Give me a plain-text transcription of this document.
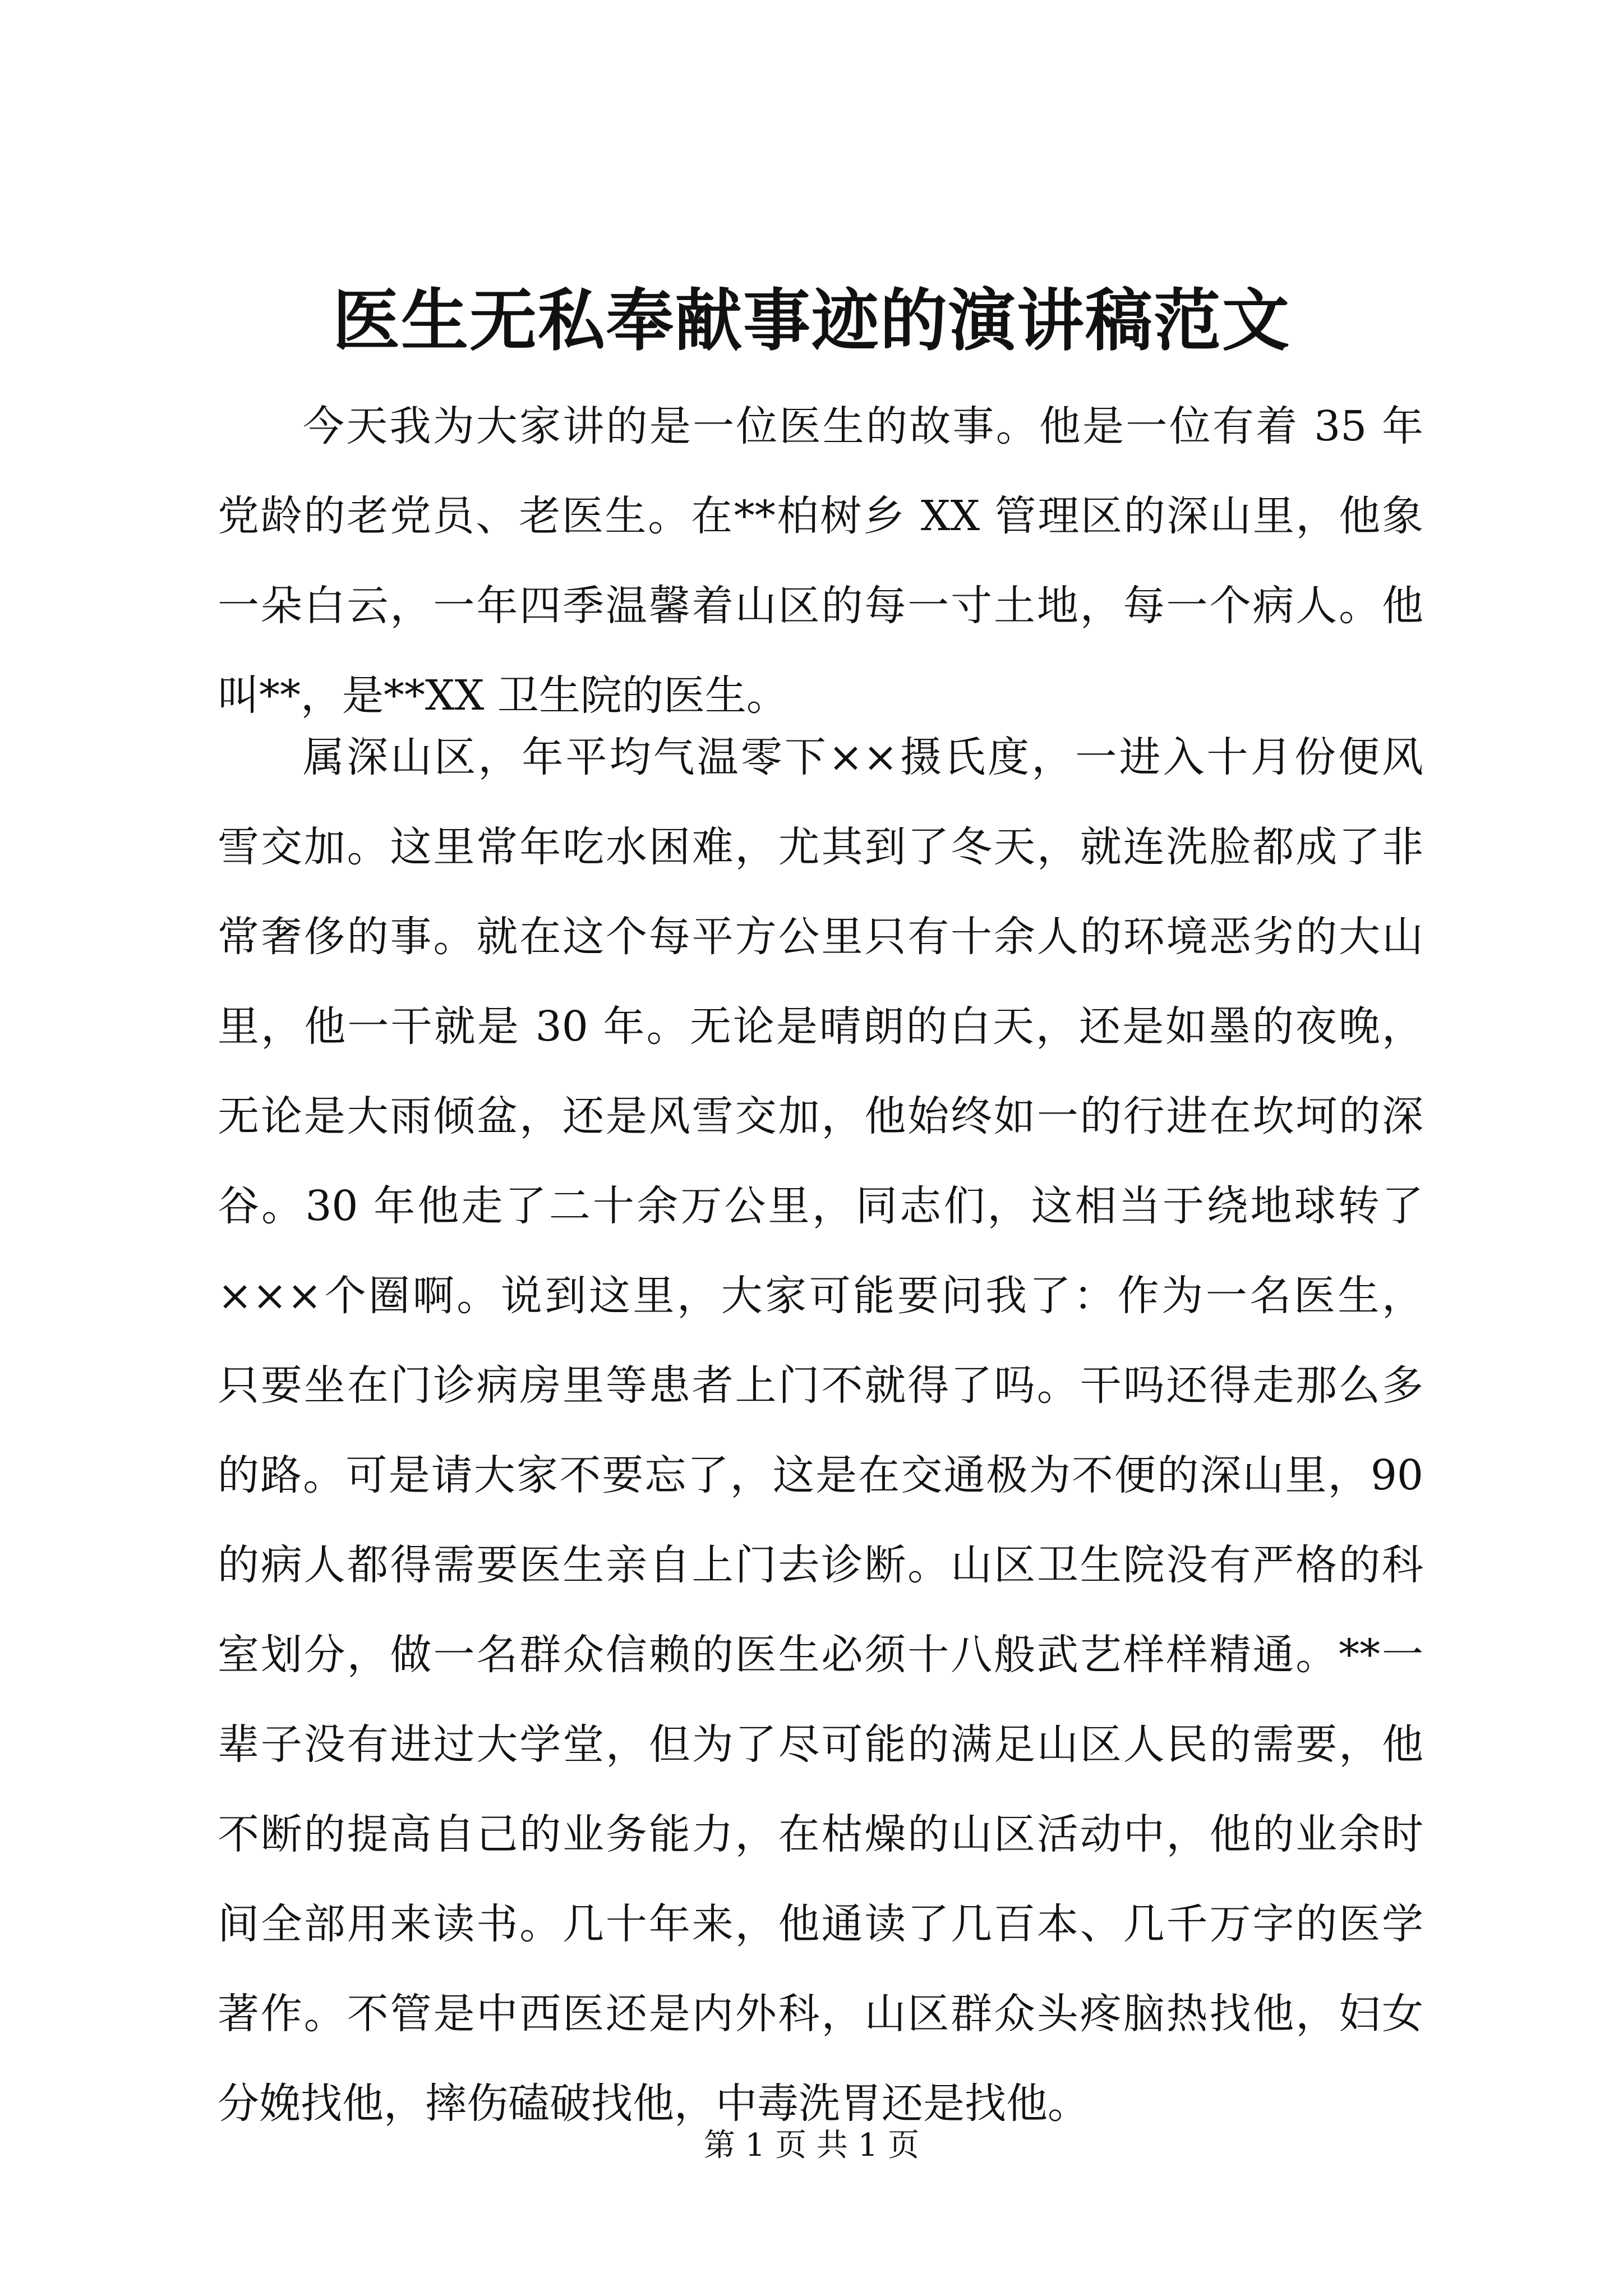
医生无私奉献事迹的演讲稿范文
今天我为大家讲的是一位医生的故事。他是一位有着 35 年
党龄的老党员、老医生。在**柏树乡 XX 管理区的深山里，他象
一朵白云，一年四季温馨着山区的每一寸土地，每一个病人。他
叫**，是**XX 卫生院的医生。
属深山区，年平均气温零下××摄氏度，一进入十月份便风
雪交加。这里常年吃水困难，尤其到了冬天，就连洗脸都成了非
常奢侈的事。就在这个每平方公里只有十余人的环境恶劣的大山
里，他一干就是 30 年。无论是晴朗的白天，还是如墨的夜晚，
无论是大雨倾盆，还是风雪交加，他始终如一的行进在坎坷的深
谷。30 年他走了二十余万公里，同志们，这相当于绕地球转了
×××个圈啊。说到这里，大家可能要问我了：作为一名医生，
只要坐在门诊病房里等患者上门不就得了吗。干吗还得走那么多
的路。可是请大家不要忘了，这是在交通极为不便的深山里，90
的病人都得需要医生亲自上门去诊断。山区卫生院没有严格的科
室划分，做一名群众信赖的医生必须十八般武艺样样精通。**一
辈子没有进过大学堂，但为了尽可能的满足山区人民的需要，他
不断的提高自己的业务能力，在枯燥的山区活动中，他的业余时
间全部用来读书。几十年来，他通读了几百本、几千万字的医学
著作。不管是中西医还是内外科，山区群众头疼脑热找他，妇女
分娩找他，摔伤磕破找他，中毒洗胃还是找他。
第 1 页 共 1 页
